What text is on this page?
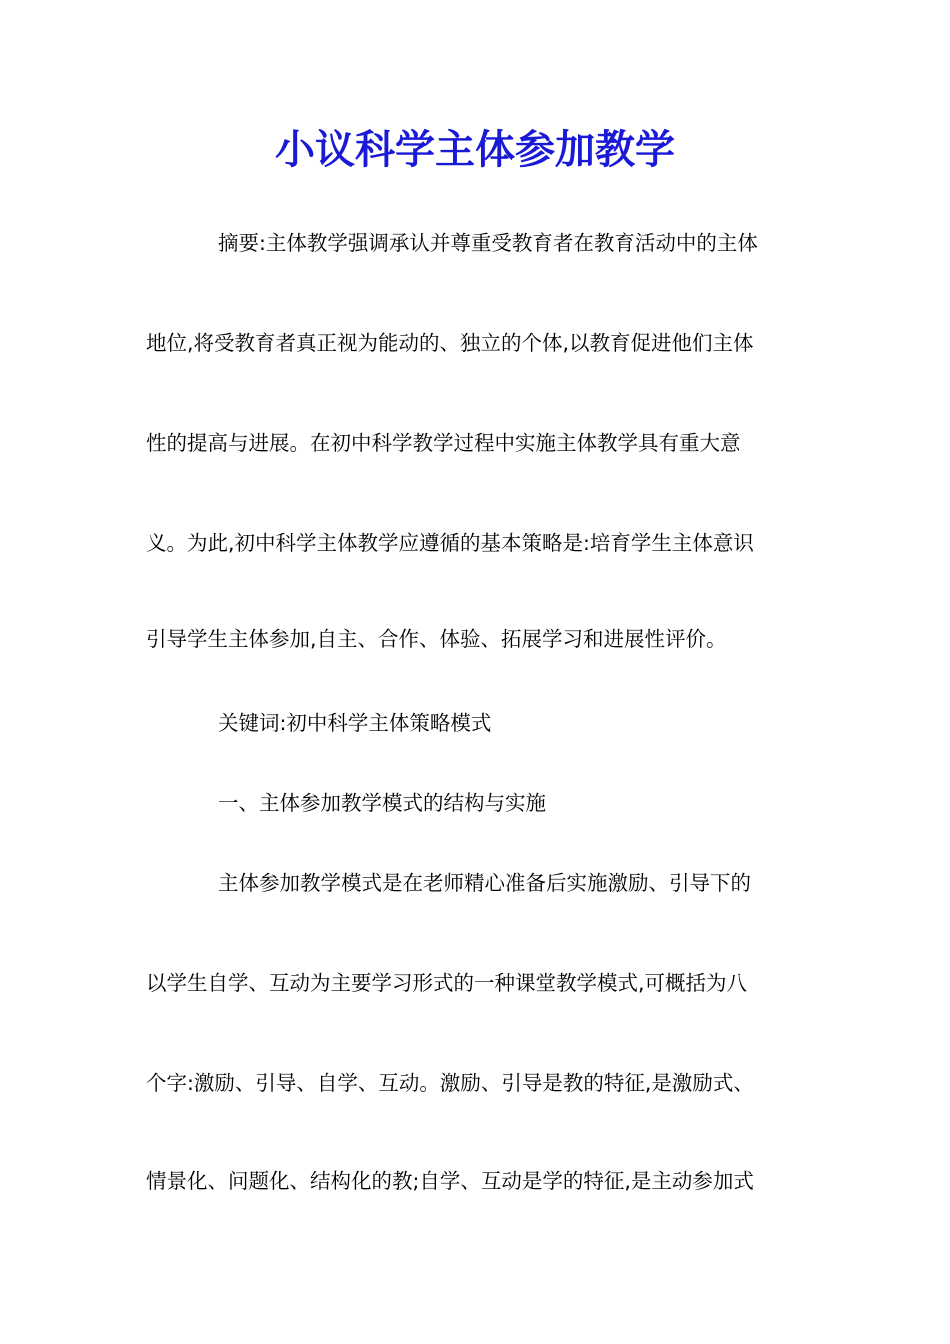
小议科学主体参加教学
摘要:主体教学强调承认并尊重受教育者在教育活动中的主体
地位,将受教育者真正视为能动的、独立的个体,以教育促进他们主体
性的提高与进展。在初中科学教学过程中实施主体教学具有重大意
义。为此,初中科学主体教学应遵循的基本策略是:培育学生主体意识
引导学生主体参加,自主、合作、体验、拓展学习和进展性评价。
关键词:初中科学主体策略模式
一、主体参加教学模式的结构与实施
主体参加教学模式是在老师精心准备后实施激励、引导下的
以学生自学、互动为主要学习形式的一种课堂教学模式,可概括为八
个字:激励、引导、自学、互动。激励、引导是教的特征,是激励式、
情景化、问题化、结构化的教;自学、互动是学的特征,是主动参加式
